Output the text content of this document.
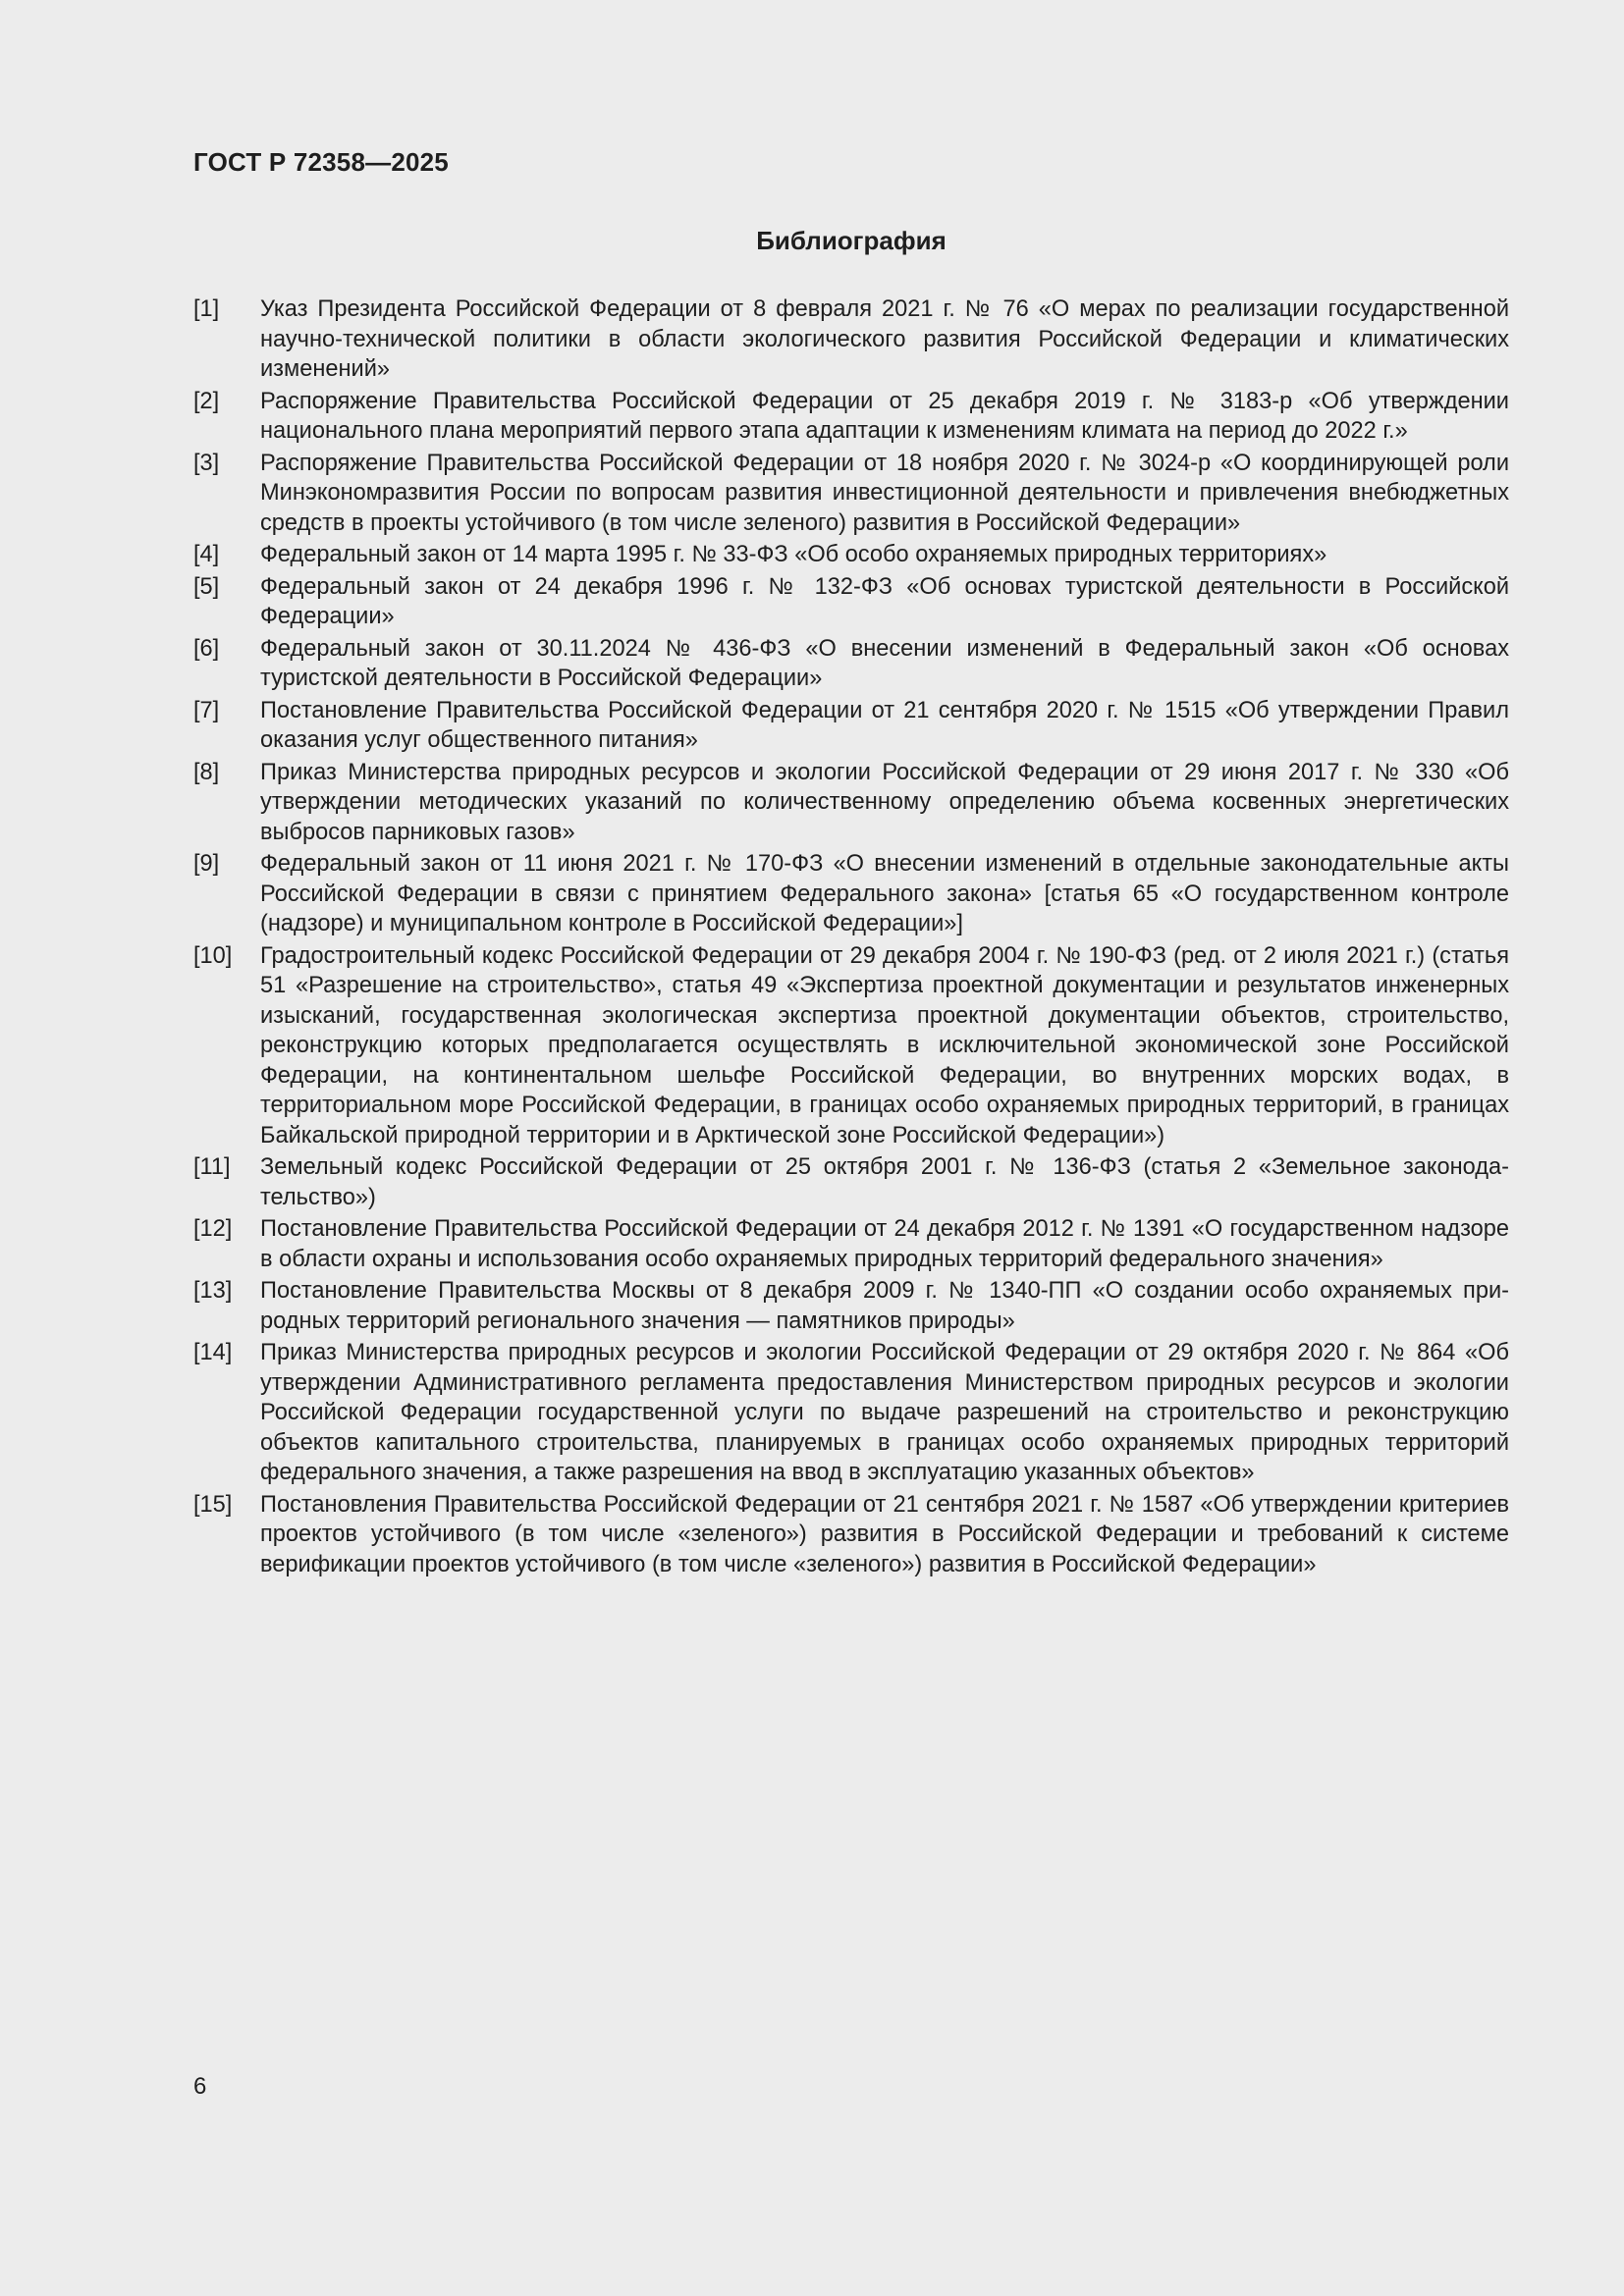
ГОСТ Р 72358—2025
Библиография
[1]	Указ Президента Российской Федерации от 8 февраля 2021 г. № 76 «О мерах по реализации государственной научно-технической политики в области экологического развития Российской Федерации и климатических изменений»
[2]	Распоряжение Правительства Российской Федерации от 25 декабря 2019 г. № 3183-р «Об утверждении национального плана мероприятий первого этапа адаптации к изменениям климата на период до 2022 г.»
[3]	Распоряжение Правительства Российской Федерации от 18 ноября 2020 г. № 3024-р «О координирующей роли Минэкономразвития России по вопросам развития инвестиционной деятельности и привлечения внебюджетных средств в проекты устойчивого (в том числе зеленого) развития в Российской Федерации»
[4]	Федеральный закон от 14 марта 1995 г. № 33-ФЗ «Об особо охраняемых природных территориях»
[5]	Федеральный закон от 24 декабря 1996 г. № 132-ФЗ «Об основах туристской деятельности в Российской Федерации»
[6]	Федеральный закон от 30.11.2024 № 436-ФЗ «О внесении изменений в Федеральный закон «Об основах туристской деятельности в Российской Федерации»
[7]	Постановление Правительства Российской Федерации от 21 сентября 2020 г. № 1515 «Об утверждении Правил оказания услуг общественного питания»
[8]	Приказ Министерства природных ресурсов и экологии Российской Федерации от 29 июня 2017 г. № 330 «Об утверждении методических указаний по количественному определению объема косвенных энергетических выбросов парниковых газов»
[9]	Федеральный закон от 11 июня 2021 г. № 170-ФЗ «О внесении изменений в отдельные законодательные акты Российской Федерации в связи с принятием Федерального закона» [статья 65 «О государственном контроле (надзоре) и муниципальном контроле в Российской Федерации»]
[10]	Градостроительный кодекс Российской Федерации от 29 декабря 2004 г. № 190-ФЗ (ред. от 2 июля 2021 г.) (статья 51 «Разрешение на строительство», статья 49 «Экспертиза проектной документации и результатов инженерных изысканий, государственная экологическая экспертиза проектной документации объектов, строительство, реконструкцию которых предполагается осуществлять в исключительной экономической зоне Российской Федерации, на континентальном шельфе Российской Федерации, во внутренних морских водах, в территориальном море Российской Федерации, в границах особо охраняемых природных территорий, в границах Байкальской природной территории и в Арктической зоне Российской Федерации»)
[11]	Земельный кодекс Российской Федерации от 25 октября 2001 г. № 136-ФЗ (статья 2 «Земельное законодательство»)
[12]	Постановление Правительства Российской Федерации от 24 декабря 2012 г. № 1391 «О государственном надзоре в области охраны и использования особо охраняемых природных территорий федерального значения»
[13]	Постановление Правительства Москвы от 8 декабря 2009 г. № 1340-ПП «О создании особо охраняемых природных территорий регионального значения — памятников природы»
[14]	Приказ Министерства природных ресурсов и экологии Российской Федерации от 29 октября 2020 г. № 864 «Об утверждении Административного регламента предоставления Министерством природных ресурсов и экологии Российской Федерации государственной услуги по выдаче разрешений на строительство и реконструкцию объектов капитального строительства, планируемых в границах особо охраняемых природных территорий федерального значения, а также разрешения на ввод в эксплуатацию указанных объектов»
[15]	Постановления Правительства Российской Федерации от 21 сентября 2021 г. № 1587 «Об утверждении критериев проектов устойчивого (в том числе «зеленого») развития в Российской Федерации и требований к системе верификации проектов устойчивого (в том числе «зеленого») развития в Российской Федерации»
6
